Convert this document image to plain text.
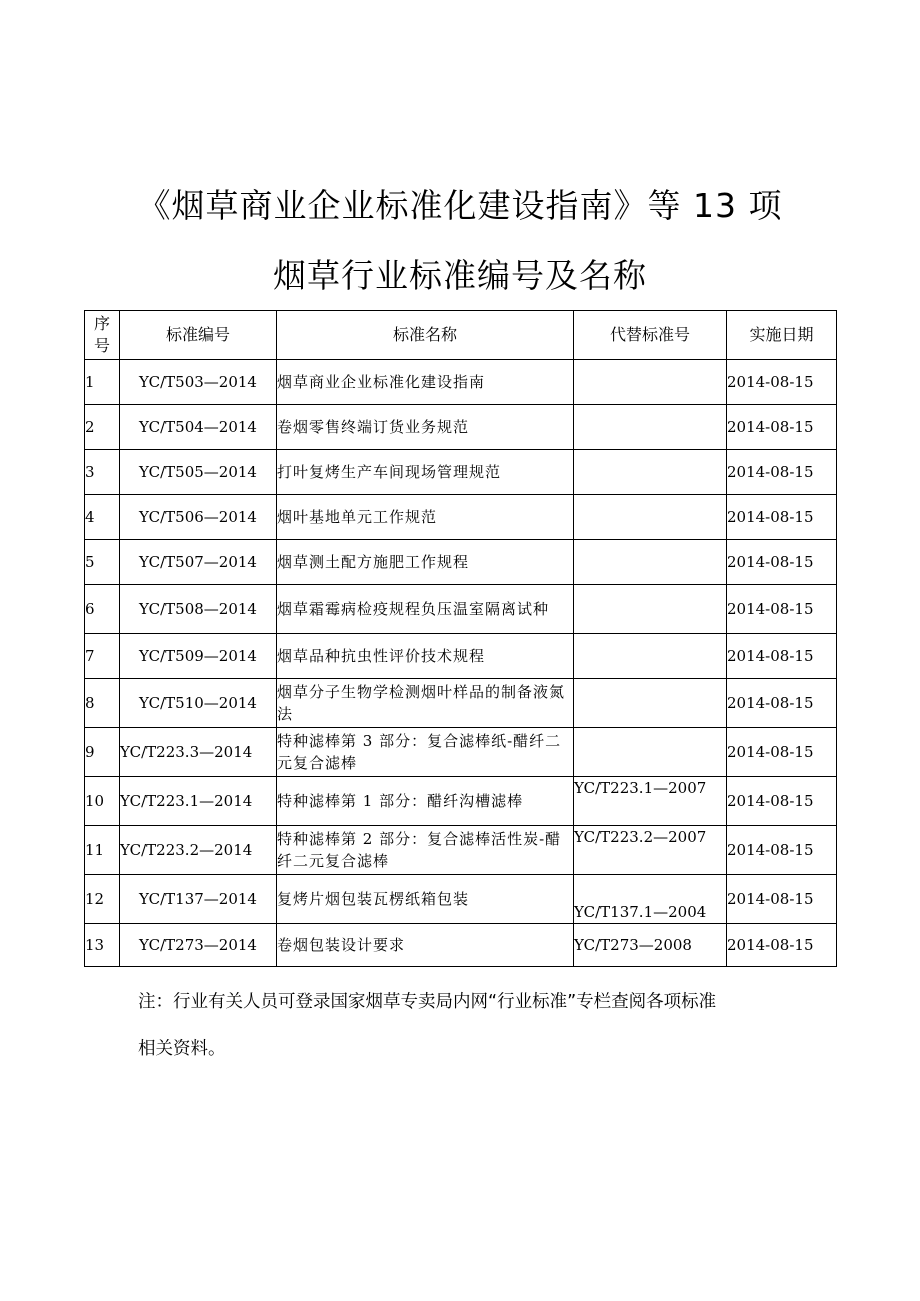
《烟草商业企业标准化建设指南》等 13 项
烟草行业标准编号及名称
序号	标准编号	标准名称	代替标准号	实施日期
1	YC/T503—2014	烟草商业企业标准化建设指南		2014-08-15
2	YC/T504—2014	卷烟零售终端订货业务规范		2014-08-15
3	YC/T505—2014	打叶复烤生产车间现场管理规范		2014-08-15
4	YC/T506—2014	烟叶基地单元工作规范		2014-08-15
5	YC/T507—2014	烟草测土配方施肥工作规程		2014-08-15
6	YC/T508—2014	烟草霜霉病检疫规程负压温室隔离试种		2014-08-15
7	YC/T509—2014	烟草品种抗虫性评价技术规程		2014-08-15
8	YC/T510—2014	烟草分子生物学检测烟叶样品的制备液氮法		2014-08-15
9	YC/T223.3—2014	特种滤棒第 3 部分：复合滤棒纸-醋纤二元复合滤棒		2014-08-15
10	YC/T223.1—2014	特种滤棒第 1 部分：醋纤沟槽滤棒	YC/T223.1—2007	2014-08-15
11	YC/T223.2—2014	特种滤棒第 2 部分：复合滤棒活性炭-醋纤二元复合滤棒	YC/T223.2—2007	2014-08-15
12	YC/T137—2014	复烤片烟包装瓦楞纸箱包装	YC/T137.1—2004	2014-08-15
13	YC/T273—2014	卷烟包装设计要求	YC/T273—2008	2014-08-15
注：行业有关人员可登录国家烟草专卖局内网“行业标准”专栏查阅各项标准
相关资料。
